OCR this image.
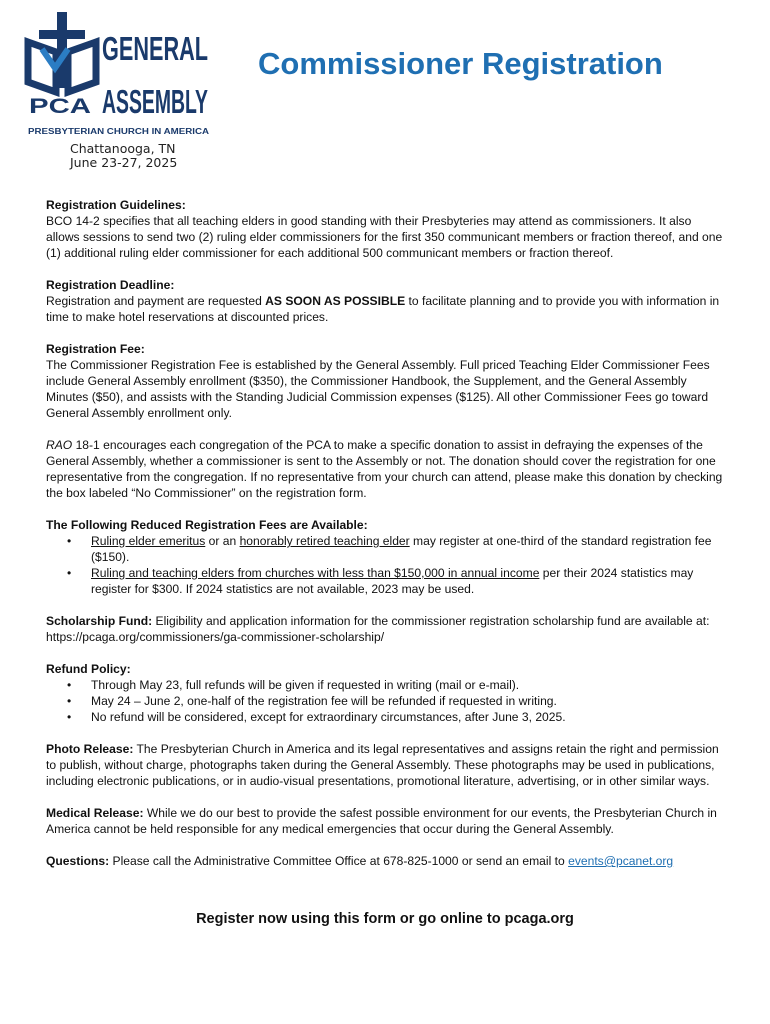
GENERAL
ASSEMBLY
PCA
PRESBYTERIAN CHURCH IN AMERICA
Chattanooga, TN
June 23-27, 2025
Commissioner Registration

Registration Guidelines:
BCO 14-2 specifies that all teaching elders in good standing with their Presbyteries may attend as commissioners. It also allows sessions to send two (2) ruling elder commissioners for the first 350 communicant members or fraction thereof, and one (1) additional ruling elder commissioner for each additional 500 communicant members or fraction thereof.

Registration Deadline:
Registration and payment are requested AS SOON AS POSSIBLE to facilitate planning and to provide you with information in time to make hotel reservations at discounted prices.

Registration Fee:
The Commissioner Registration Fee is established by the General Assembly. Full priced Teaching Elder Commissioner Fees include General Assembly enrollment ($350), the Commissioner Handbook, the Supplement, and the General Assembly Minutes ($50), and assists with the Standing Judicial Commission expenses ($125). All other Commissioner Fees go toward General Assembly enrollment only.

RAO 18-1 encourages each congregation of the PCA to make a specific donation to assist in defraying the expenses of the General Assembly, whether a commissioner is sent to the Assembly or not. The donation should cover the registration for one representative from the congregation. If no representative from your church can attend, please make this donation by checking the box labeled “No Commissioner” on the registration form.

The Following Reduced Registration Fees are Available:
• Ruling elder emeritus or an honorably retired teaching elder may register at one-third of the standard registration fee ($150).
• Ruling and teaching elders from churches with less than $150,000 in annual income per their 2024 statistics may register for $300. If 2024 statistics are not available, 2023 may be used.

Scholarship Fund: Eligibility and application information for the commissioner registration scholarship fund are available at: https://pcaga.org/commissioners/ga-commissioner-scholarship/

Refund Policy:
• Through May 23, full refunds will be given if requested in writing (mail or e-mail).
• May 24 – June 2, one-half of the registration fee will be refunded if requested in writing.
• No refund will be considered, except for extraordinary circumstances, after June 3, 2025.

Photo Release: The Presbyterian Church in America and its legal representatives and assigns retain the right and permission to publish, without charge, photographs taken during the General Assembly. These photographs may be used in publications, including electronic publications, or in audio-visual presentations, promotional literature, advertising, or in other similar ways.

Medical Release: While we do our best to provide the safest possible environment for our events, the Presbyterian Church in America cannot be held responsible for any medical emergencies that occur during the General Assembly.

Questions: Please call the Administrative Committee Office at 678-825-1000 or send an email to events@pcanet.org

Register now using this form or go online to pcaga.org
